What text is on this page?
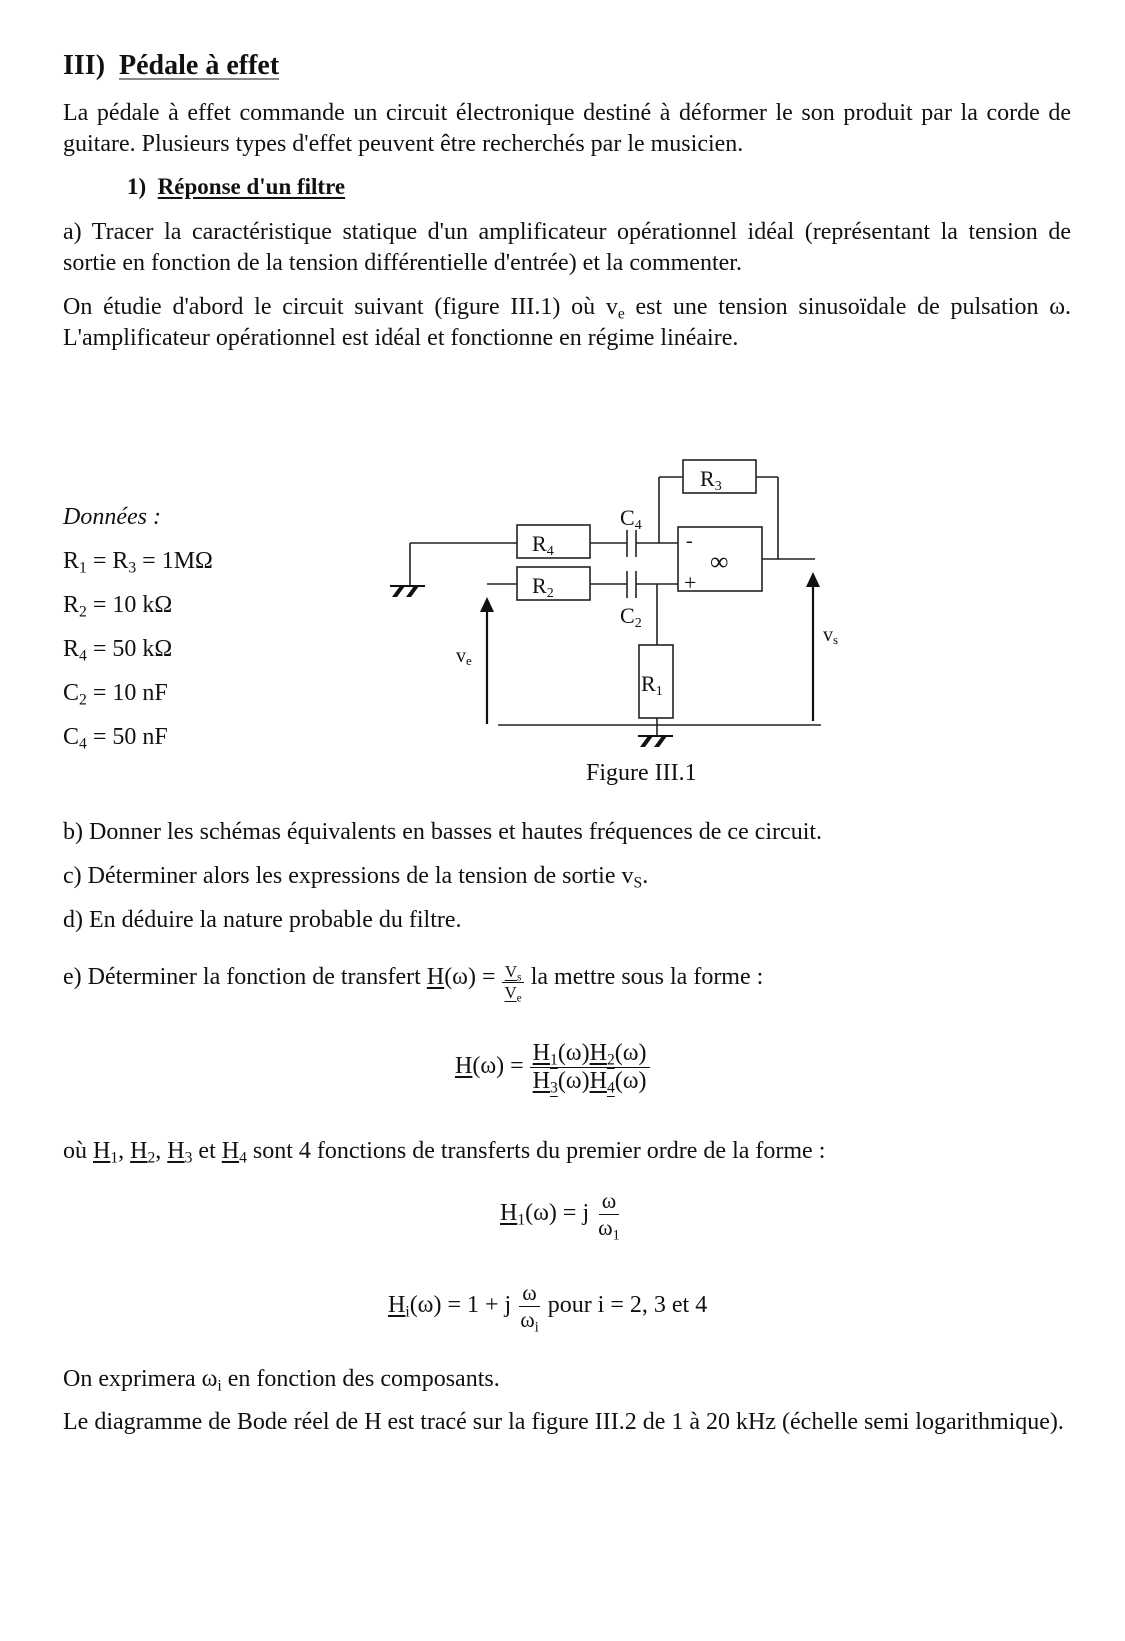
III) Pédale à effet

La pédale à effet commande un circuit électronique destiné à déformer le son produit par la corde de guitare. Plusieurs types d'effet peuvent être recherchés par le musicien.

1) Réponse d'un filtre

a) Tracer la caractéristique statique d'un amplificateur opérationnel idéal (représentant la tension de sortie en fonction de la tension différentielle d'entrée) et la commenter.

On étudie d'abord le circuit suivant (figure III.1) où $v_e$ est une tension sinusoïdale de pulsation ω. L'amplificateur opérationnel est idéal et fonctionne en régime linéaire.

Données :
$R_1 = R_3 = 1M\Omega$
$R_2 = 10$ kΩ
$R_4 = 50$ kΩ
$C_2 = 10$ nF
$C_4 = 50$ nF
R4
R2
R3
R1
C4
C2
∞
-
+
ve
vs
Figure III.1

b) Donner les schémas équivalents en basses et hautes fréquences de ce circuit.

c) Déterminer alors les expressions de la tension de sortie $v_S$.

d) En déduire la nature probable du filtre.

e) Déterminer la fonction de transfert $H(\omega) = \frac{V_s}{V_e}$ la mettre sous la forme :
$H(\omega) = \frac{H_1(\omega)H_2(\omega)}{H_3(\omega)H_4(\omega)}$

où $H_1$, $H_2$, $H_3$ et $H_4$ sont 4 fonctions de transferts du premier ordre de la forme :

$H_1(\omega) = j \frac{\omega}{\omega_1}$
$H_i(\omega) = 1 + j \frac{\omega}{\omega_i}$ pour i = 2, 3 et 4

On exprimera $\omega_i$ en fonction des composants.

Le diagramme de Bode réel de H est tracé sur la figure III.2 de 1 à 20 kHz (échelle semi logarithmique).
